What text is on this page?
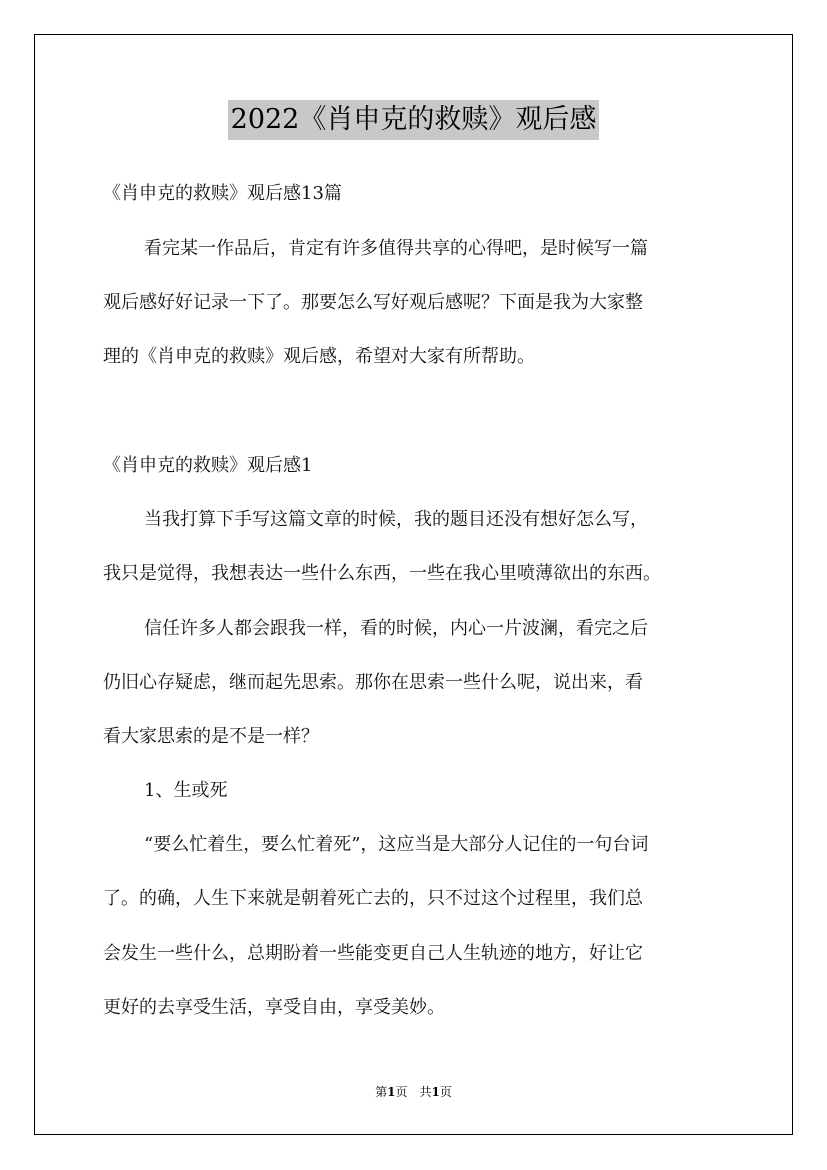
2022《肖申克的救赎》观后感
《肖申克的救赎》观后感13篇
看完某一作品后，肯定有许多值得共享的心得吧，是时候写一篇
观后感好好记录一下了。那要怎么写好观后感呢？下面是我为大家整
理的《肖申克的救赎》观后感，希望对大家有所帮助。
《肖申克的救赎》观后感1
当我打算下手写这篇文章的时候，我的题目还没有想好怎么写，
我只是觉得，我想表达一些什么东西，一些在我心里喷薄欲出的东西。
信任许多人都会跟我一样，看的时候，内心一片波澜，看完之后
仍旧心存疑虑，继而起先思索。那你在思索一些什么呢，说出来，看
看大家思索的是不是一样？
1、生或死
“要么忙着生，要么忙着死”，这应当是大部分人记住的一句台词
了。的确，人生下来就是朝着死亡去的，只不过这个过程里，我们总
会发生一些什么，总期盼着一些能变更自己人生轨迹的地方，好让它
更好的去享受生活，享受自由，享受美妙。
第1页　共1页
